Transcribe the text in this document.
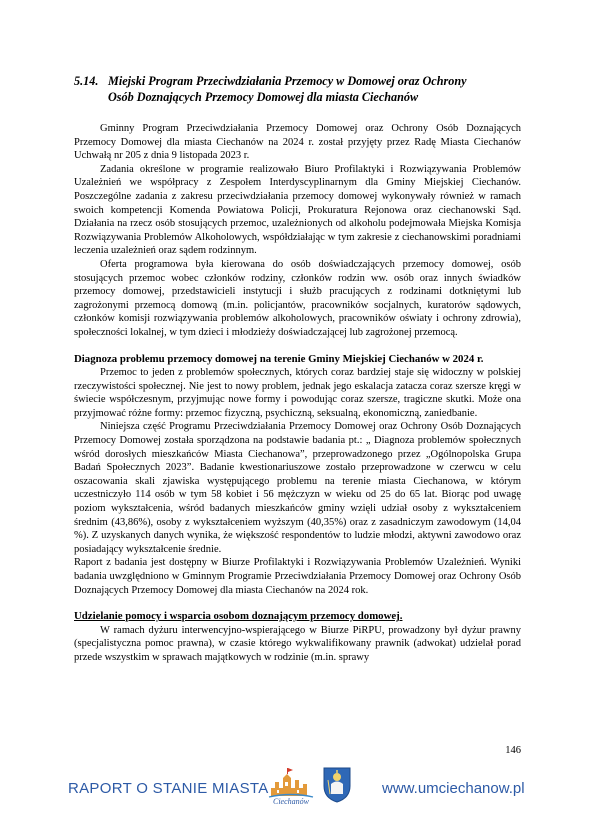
5.14. Miejski Program Przeciwdziałania Przemocy w Domowej oraz Ochrony
Osób Doznających Przemocy Domowej dla miasta Ciechanów

Gminny Program Przeciwdziałania Przemocy Domowej oraz Ochrony Osób Doznających Przemocy Domowej dla miasta Ciechanów na 2024 r. został przyjęty przez Radę Miasta Ciechanów Uchwałą nr 205 z dnia 9 listopada 2023 r.

Zadania określone w programie realizowało Biuro Profilaktyki i Rozwiązywania Problemów Uzależnień we współpracy z Zespołem Interdyscyplinarnym dla Gminy Miejskiej Ciechanów. Poszczególne zadania z zakresu przeciwdziałania przemocy domowej wykonywały również w ramach swoich kompetencji Komenda Powiatowa Policji, Prokuratura Rejonowa oraz ciechanowski Sąd. Działania na rzecz osób stosujących przemoc, uzależnionych od alkoholu podejmowała Miejska Komisja Rozwiązywania Problemów Alkoholowych, współdziałając w tym zakresie z ciechanowskimi poradniami leczenia uzależnień oraz sądem rodzinnym.

Oferta programowa była kierowana do osób doświadczających przemocy domowej, osób stosujących przemoc wobec członków rodziny, członków rodzin ww. osób oraz innych świadków przemocy domowej, przedstawicieli instytucji i służb pracujących z rodzinami dotkniętymi lub zagrożonymi przemocą domową (m.in. policjantów, pracowników socjalnych, kuratorów sądowych, członków komisji rozwiązywania problemów alkoholowych, pracowników oświaty i ochrony zdrowia), społeczności lokalnej, w tym dzieci i młodzieży doświadczającej lub zagrożonej przemocą.

Diagnoza problemu przemocy domowej na terenie Gminy Miejskiej Ciechanów w 2024 r.

Przemoc to jeden z problemów społecznych, których coraz bardziej staje się widoczny w polskiej rzeczywistości społecznej. Nie jest to nowy problem, jednak jego eskalacja zatacza coraz szersze kręgi w świecie współczesnym, przyjmując nowe formy i powodując coraz szersze, tragiczne skutki. Może ona przyjmować różne formy: przemoc fizyczną, psychiczną, seksualną, ekonomiczną, zaniedbanie.

Niniejsza część Programu Przeciwdziałania Przemocy Domowej oraz Ochrony Osób Doznających Przemocy Domowej została sporządzona na podstawie badania pt.: „ Diagnoza problemów społecznych wśród dorosłych mieszkańców Miasta Ciechanowa”, przeprowadzonego przez „Ogólnopolska Grupa Badań Społecznych 2023”. Badanie kwestionariuszowe zostało przeprowadzone w czerwcu w celu oszacowania skali zjawiska występującego problemu na terenie miasta Ciechanowa, w którym uczestniczyło 114 osób w tym 58 kobiet i 56 mężczyzn w wieku od 25 do 65 lat. Biorąc pod uwagę poziom wykształcenia, wśród badanych mieszkańców gminy wzięli udział osoby z wykształceniem średnim (43,86%), osoby z wykształceniem wyższym (40,35%) oraz z zasadniczym zawodowym (14,04 %). Z uzyskanych danych wynika, że większość respondentów to ludzie młodzi, aktywni zawodowo oraz posiadający wykształcenie średnie.

Raport z badania jest dostępny w Biurze Profilaktyki i Rozwiązywania Problemów Uzależnień. Wyniki badania uwzględniono w Gminnym Programie Przeciwdziałania Przemocy Domowej oraz Ochrony Osób Doznających Przemocy Domowej dla miasta Ciechanów na 2024 rok.

Udzielanie pomocy i wsparcia osobom doznającym przemocy domowej.

W ramach dyżuru interwencyjno-wspierającego w Biurze PiRPU, prowadzony był dyżur prawny (specjalistyczna pomoc prawna), w czasie którego wykwalifikowany prawnik (adwokat) udzielał porad przede wszystkim w sprawach majątkowych w rodzinie (m.in. sprawy

146
RAPORT O STANIE MIASTA
Ciechanów
www.umciechanow.pl
